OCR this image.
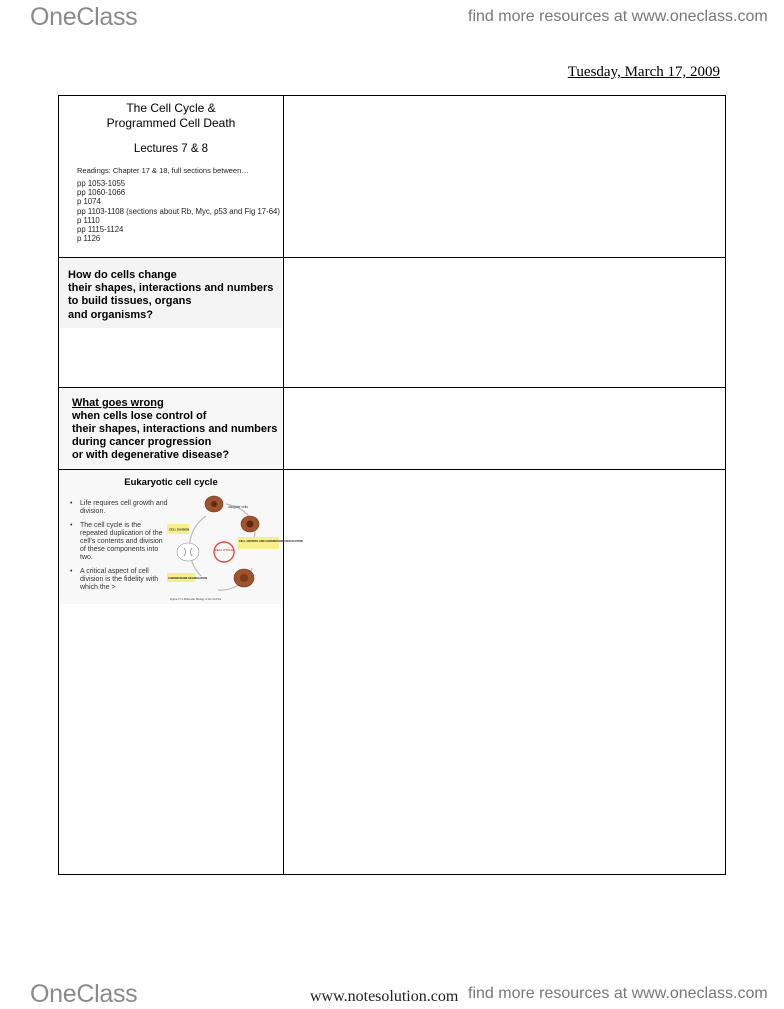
OneClass	find more resources at www.oneclass.com
Tuesday, March 17, 2009
The Cell Cycle &
Programmed Cell Death
Lectures 7 & 8
Readings: Chapter 17 & 18, full sections between…
pp 1053-1055
pp 1060-1066
p 1074
pp 1103-1108 (sections about Rb, Myc, p53 and Fig 17-64)
p 1110
pp 1115-1124
p 1126
How do cells change
their shapes, interactions and numbers
to build tissues, organs
and organisms?
What goes wrong
when cells lose control of
their shapes, interactions and numbers
during cancer progression
or with degenerative disease?
Eukaryotic cell cycle
• Life requires cell growth and division.
• The cell cycle is the repeated duplication of the cell's contents and division of these components into two.
• A critical aspect of cell division is the fidelity with which the >
daughter cells
CELL CYCLE
CELL DIVISION
CELL GROWTH AND CHROMOSOME REPLICATION
CHROMOSOME SEGREGATION
Figure 17-1 Molecular Biology of the Cell 5/e
OneClass	www.notesolution.com find more resources at www.oneclass.com
